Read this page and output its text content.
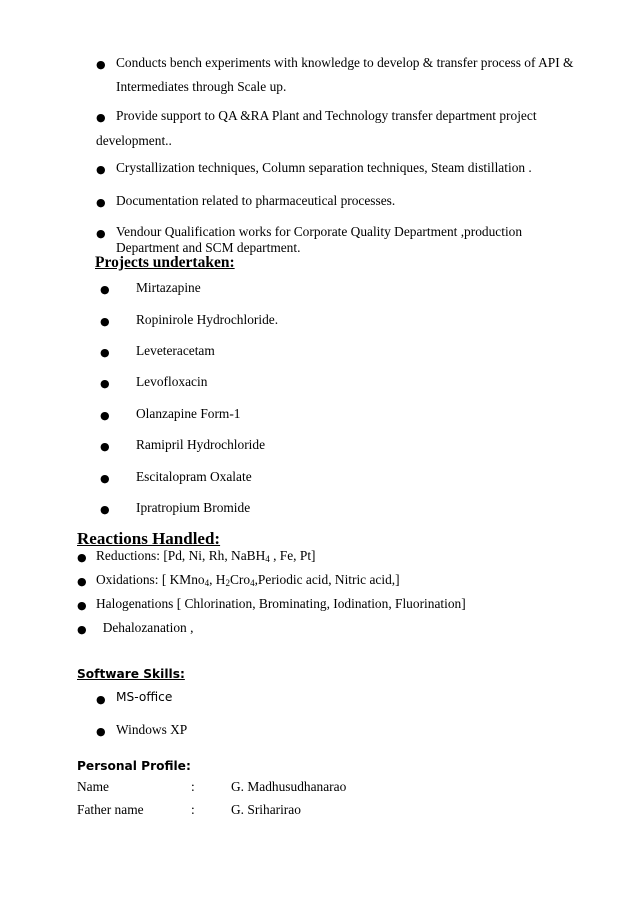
● Conducts bench experiments with knowledge to develop & transfer process of API &
Intermediates through Scale up.
● Provide support to QA &RA Plant and Technology transfer department project
development..
● Crystallization techniques, Column separation techniques, Steam distillation .
● Documentation related to pharmaceutical processes.
● Vendour Qualification works for Corporate Quality Department ,production
Department and SCM department.
Projects undertaken:
● Mirtazapine
● Ropinirole Hydrochloride.
● Leveteracetam
● Levofloxacin
● Olanzapine Form-1
● Ramipril Hydrochloride
● Escitalopram Oxalate
● Ipratropium Bromide
Reactions Handled:
● Reductions: [Pd, Ni, Rh, NaBH$_4$ , Fe, Pt]
● Oxidations: [ KMno$_4$, $H_2Cro_4,Periodic$ acid, Nitric acid,]
● Halogenations [ Chlorination, Brominating, Iodination, Fluorination]
● Dehalozanation ,
Software Skills:
● MS-office
● Windows XP
Personal Profile:
Name	:	G. Madhusudhanarao
Father name	:	G. Sriharirao
